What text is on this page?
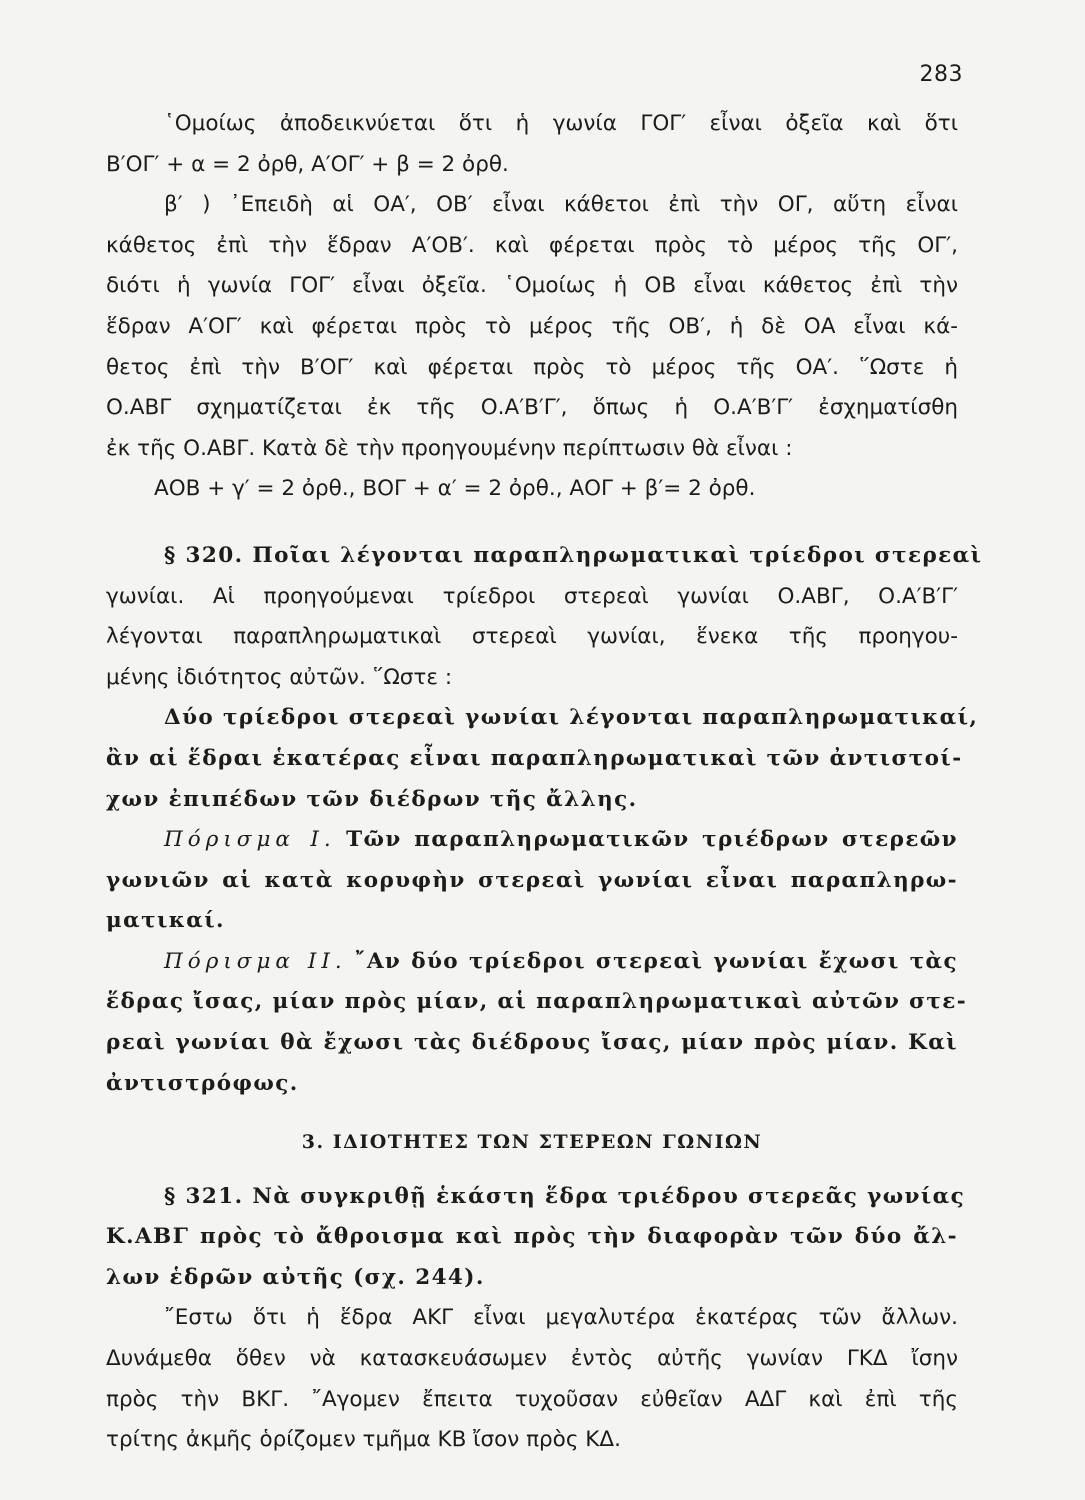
283
῾Ομοίως ἀποδεικνύεται ὅτι ἡ γωνία ΓΟΓ′ εἶναι ὀξεῖα καὶ ὅτι
Β′ΟΓ′ + α = 2 ὀρθ, Α′ΟΓ′ + β = 2 ὀρθ.
β′ ) ᾿Επειδὴ αἱ ΟΑ′, ΟΒ′ εἶναι κάθετοι ἐπὶ τὴν ΟΓ, αὕτη εἶναι
κάθετος ἐπὶ τὴν ἕδραν Α′ΟΒ′. καὶ φέρεται πρὸς τὸ μέρος τῆς ΟΓ′,
διότι ἡ γωνία ΓΟΓ′ εἶναι ὀξεῖα. ῾Ομοίως ἡ ΟΒ εἶναι κάθετος ἐπὶ τὴν
ἕδραν Α′ΟΓ′ καὶ φέρεται πρὸς τὸ μέρος τῆς ΟΒ′, ἡ δὲ ΟΑ εἶναι κά-
θετος ἐπὶ τὴν Β′ΟΓ′ καὶ φέρεται πρὸς τὸ μέρος τῆς ΟΑ′. ῞Ωστε ἡ
Ο.ΑΒΓ σχηματίζεται ἐκ τῆς Ο.Α′Β′Γ′, ὅπως ἡ Ο.Α′Β′Γ′ ἐσχηματίσθη
ἐκ τῆς Ο.ΑΒΓ. Κατὰ δὲ τὴν προηγουμένην περίπτωσιν θὰ εἶναι :
ΑΟΒ + γ′ = 2 ὀρθ., ΒΟΓ + α′ = 2 ὀρθ., ΑΟΓ + β′= 2 ὀρθ.
§ 320. Ποῖαι λέγονται παραπληρωματικαὶ τρίεδροι στερεαὶ
γωνίαι. Αἱ προηγούμεναι τρίεδροι στερεαὶ γωνίαι Ο.ΑΒΓ, Ο.Α′Β′Γ′
λέγονται παραπληρωματικαὶ στερεαὶ γωνίαι, ἕνεκα τῆς προηγου-
μένης ἰδιότητος αὐτῶν. ῞Ωστε :
Δύο τρίεδροι στερεαὶ γωνίαι λέγονται παραπληρωματικαί,
ἂν αἱ ἕδραι ἑκατέρας εἶναι παραπληρωματικαὶ τῶν ἀντιστοί-
χων ἐπιπέδων τῶν διέδρων τῆς ἄλλης.
Πόρισμα Ι. Τῶν παραπληρωματικῶν τριέδρων στερεῶν
γωνιῶν αἱ κατὰ κορυφὴν στερεαὶ γωνίαι εἶναι παραπληρω-
ματικαί.
Πόρισμα ΙΙ. ῎Αν δύο τρίεδροι στερεαὶ γωνίαι ἔχωσι τὰς
ἕδρας ἴσας, μίαν πρὸς μίαν, αἱ παραπληρωματικαὶ αὐτῶν στε-
ρεαὶ γωνίαι θὰ ἔχωσι τὰς διέδρους ἴσας, μίαν πρὸς μίαν. Καὶ
ἀντιστρόφως.
3. ΙΔΙΟΤΗΤΕΣ ΤΩΝ ΣΤΕΡΕΩΝ ΓΩΝΙΩΝ
§ 321. Νὰ συγκριθῇ ἑκάστη ἕδρα τριέδρου στερεᾶς γωνίας
Κ.ΑΒΓ πρὸς τὸ ἄθροισμα καὶ πρὸς τὴν διαφορὰν τῶν δύο ἄλ-
λων ἑδρῶν αὐτῆς (σχ. 244).
῎Εστω ὅτι ἡ ἕδρα ΑΚΓ εἶναι μεγαλυτέρα ἑκατέρας τῶν ἄλλων.
Δυνάμεθα ὅθεν νὰ κατασκευάσωμεν ἐντὸς αὐτῆς γωνίαν ΓΚΔ ἴσην
πρὸς τὴν ΒΚΓ. ῎Αγομεν ἔπειτα τυχοῦσαν εὐθεῖαν ΑΔΓ καὶ ἐπὶ τῆς
τρίτης ἀκμῆς ὁρίζομεν τμῆμα ΚΒ ἴσον πρὸς ΚΔ.
